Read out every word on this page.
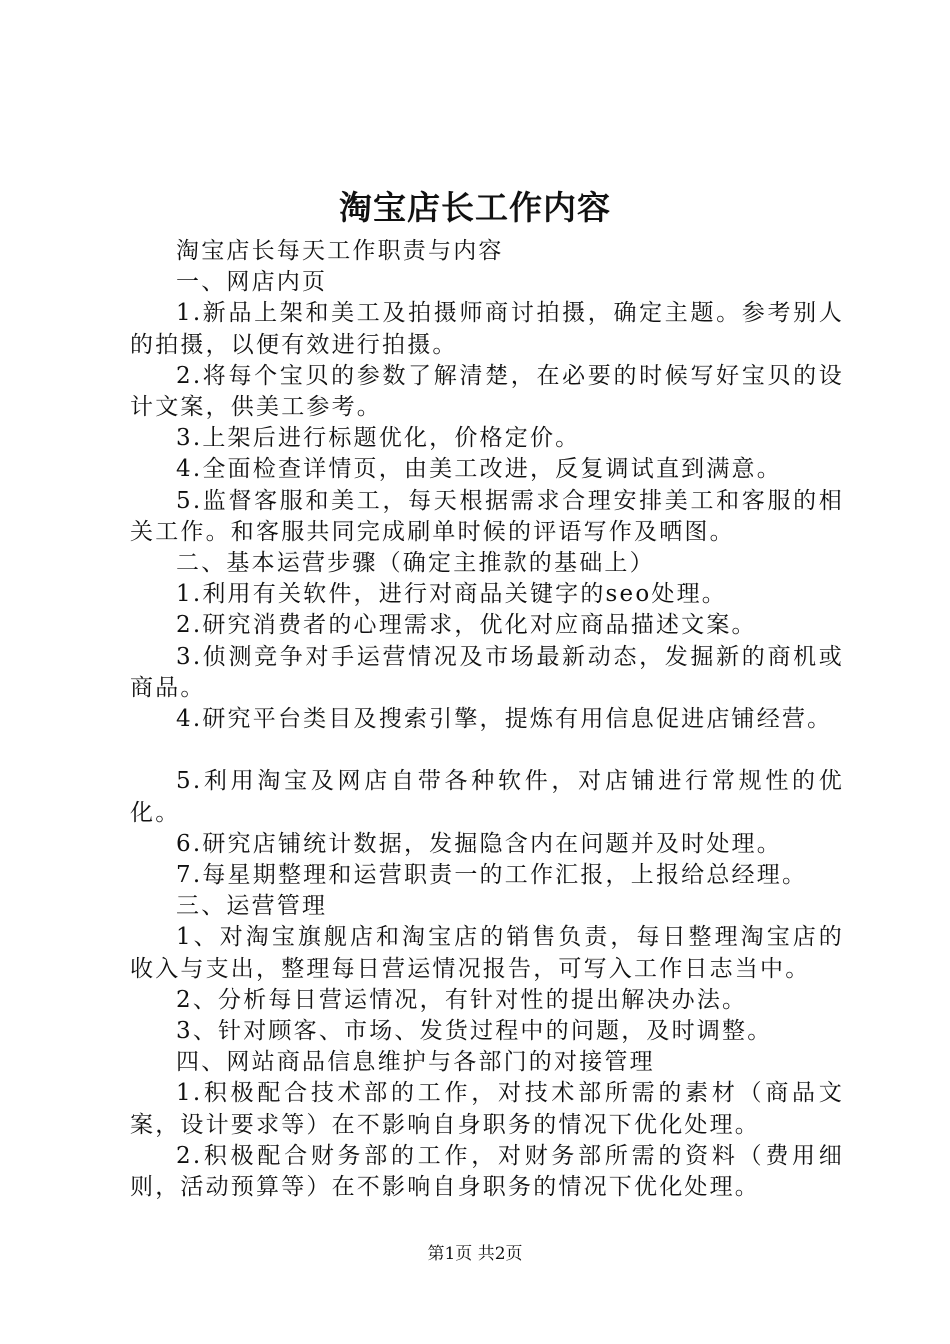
淘宝店长工作内容

淘宝店长每天工作职责与内容

一、网店内页

1.新品上架和美工及拍摄师商讨拍摄，确定主题。参考别人的拍摄，以便有效进行拍摄。

2.将每个宝贝的参数了解清楚，在必要的时候写好宝贝的设计文案，供美工参考。

3.上架后进行标题优化，价格定价。

4.全面检查详情页，由美工改进，反复调试直到满意。

5.监督客服和美工，每天根据需求合理安排美工和客服的相关工作。和客服共同完成刷单时候的评语写作及晒图。

二、基本运营步骤（确定主推款的基础上）

1.利用有关软件，进行对商品关键字的seo处理。

2.研究消费者的心理需求，优化对应商品描述文案。

3.侦测竞争对手运营情况及市场最新动态，发掘新的商机或商品。

4.研究平台类目及搜索引擎，提炼有用信息促进店铺经营。

5.利用淘宝及网店自带各种软件，对店铺进行常规性的优化。

6.研究店铺统计数据，发掘隐含内在问题并及时处理。

7.每星期整理和运营职责一的工作汇报，上报给总经理。

三、运营管理

1、对淘宝旗舰店和淘宝店的销售负责，每日整理淘宝店的收入与支出，整理每日营运情况报告，可写入工作日志当中。

2、分析每日营运情况，有针对性的提出解决办法。

3、针对顾客、市场、发货过程中的问题，及时调整。

四、网站商品信息维护与各部门的对接管理

1.积极配合技术部的工作，对技术部所需的素材（商品文案，设计要求等）在不影响自身职务的情况下优化处理。

2.积极配合财务部的工作，对财务部所需的资料（费用细则，活动预算等）在不影响自身职务的情况下优化处理。

第1页 共2页
